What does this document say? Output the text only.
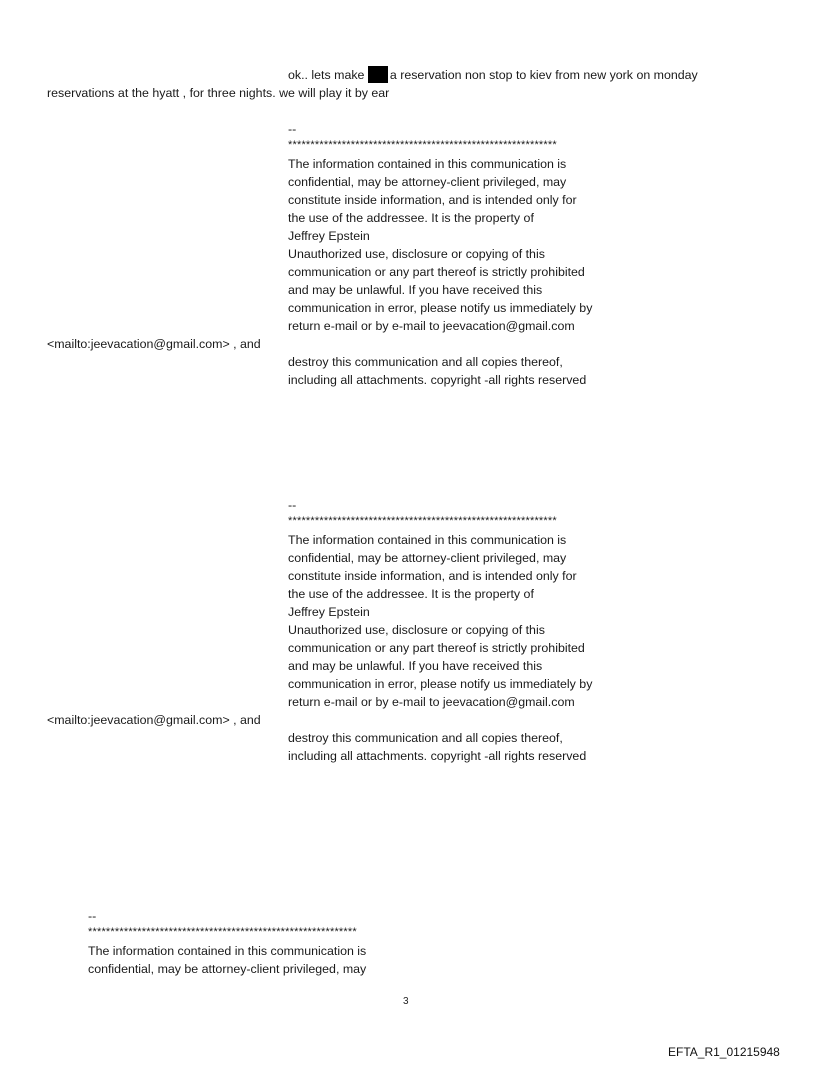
ok.. lets make a reservation non stop to kiev from new york on monday
reservations at the hyatt , for three nights. we will play it by ear
--
************************************************************
The information contained in this communication is
confidential, may be attorney-client privileged, may
constitute inside information, and is intended only for
the use of the addressee. It is the property of
Jeffrey Epstein
Unauthorized use, disclosure or copying of this
communication or any part thereof is strictly prohibited
and may be unlawful. If you have received this
communication in error, please notify us immediately by
return e-mail or by e-mail to jeevacation@gmail.com
<mailto:jeevacation@gmail.com> , and
destroy this communication and all copies thereof,
including all attachments. copyright -all rights reserved
--
************************************************************
The information contained in this communication is
confidential, may be attorney-client privileged, may
constitute inside information, and is intended only for
the use of the addressee. It is the property of
Jeffrey Epstein
Unauthorized use, disclosure or copying of this
communication or any part thereof is strictly prohibited
and may be unlawful. If you have received this
communication in error, please notify us immediately by
return e-mail or by e-mail to jeevacation@gmail.com
<mailto:jeevacation@gmail.com> , and
destroy this communication and all copies thereof,
including all attachments. copyright -all rights reserved
--
************************************************************
The information contained in this communication is
confidential, may be attorney-client privileged, may
3
EFTA_R1_01215948
